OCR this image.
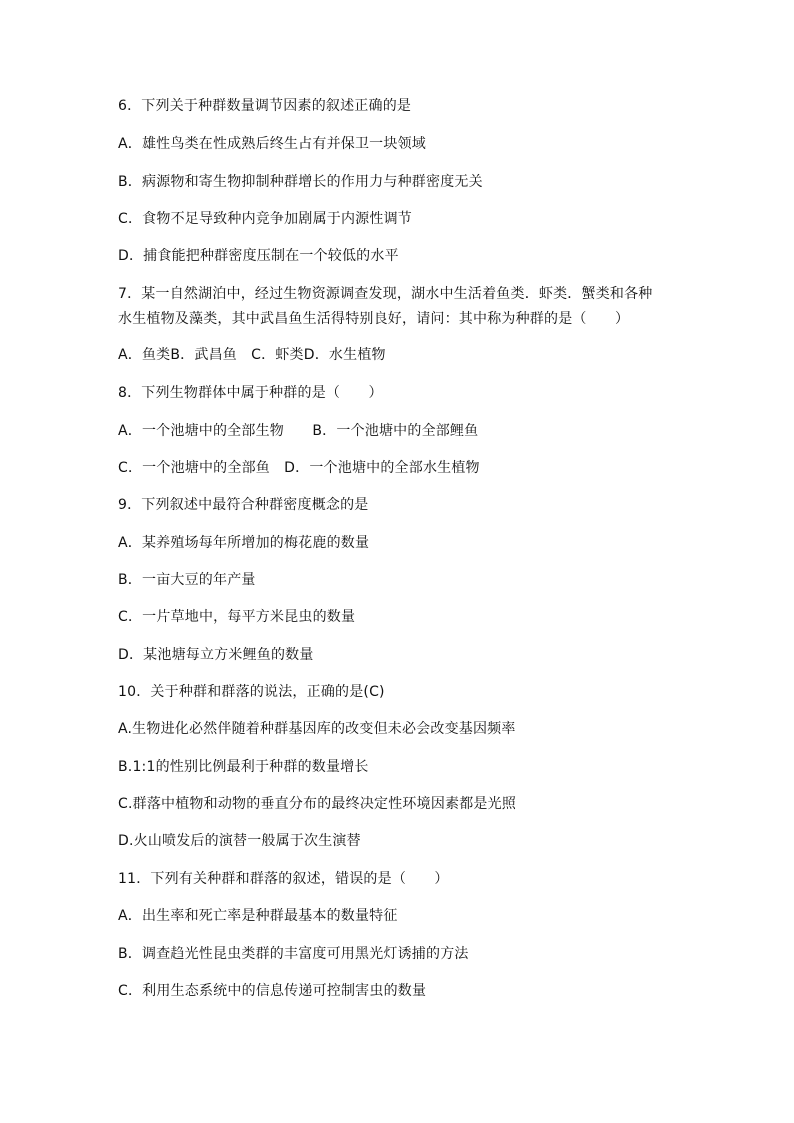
6．下列关于种群数量调节因素的叙述正确的是
A．雄性鸟类在性成熟后终生占有并保卫一块领域
B．病源物和寄生物抑制种群增长的作用力与种群密度无关
C．食物不足导致种内竞争加剧属于内源性调节
D．捕食能把种群密度压制在一个较低的水平
7．某一自然湖泊中，经过生物资源调查发现，湖水中生活着鱼类．虾类．蟹类和各种
水生植物及藻类，其中武昌鱼生活得特别良好，请问：其中称为种群的是（　　）
A．鱼类B．武昌鱼　C．虾类D．水生植物
8．下列生物群体中属于种群的是（　　）
A．一个池塘中的全部生物　　B．一个池塘中的全部鲤鱼
C．一个池塘中的全部鱼　D．一个池塘中的全部水生植物
9．下列叙述中最符合种群密度概念的是
A．某养殖场每年所增加的梅花鹿的数量
B．一亩大豆的年产量
C．一片草地中，每平方米昆虫的数量
D．某池塘每立方米鲤鱼的数量
10．关于种群和群落的说法，正确的是(C)
A.生物进化必然伴随着种群基因库的改变但未必会改变基因频率
B.1:1的性别比例最利于种群的数量增长
C.群落中植物和动物的垂直分布的最终决定性环境因素都是光照
D.火山喷发后的演替一般属于次生演替
11．下列有关种群和群落的叙述，错误的是（　　）
A．出生率和死亡率是种群最基本的数量特征
B．调查趋光性昆虫类群的丰富度可用黑光灯诱捕的方法
C．利用生态系统中的信息传递可控制害虫的数量
